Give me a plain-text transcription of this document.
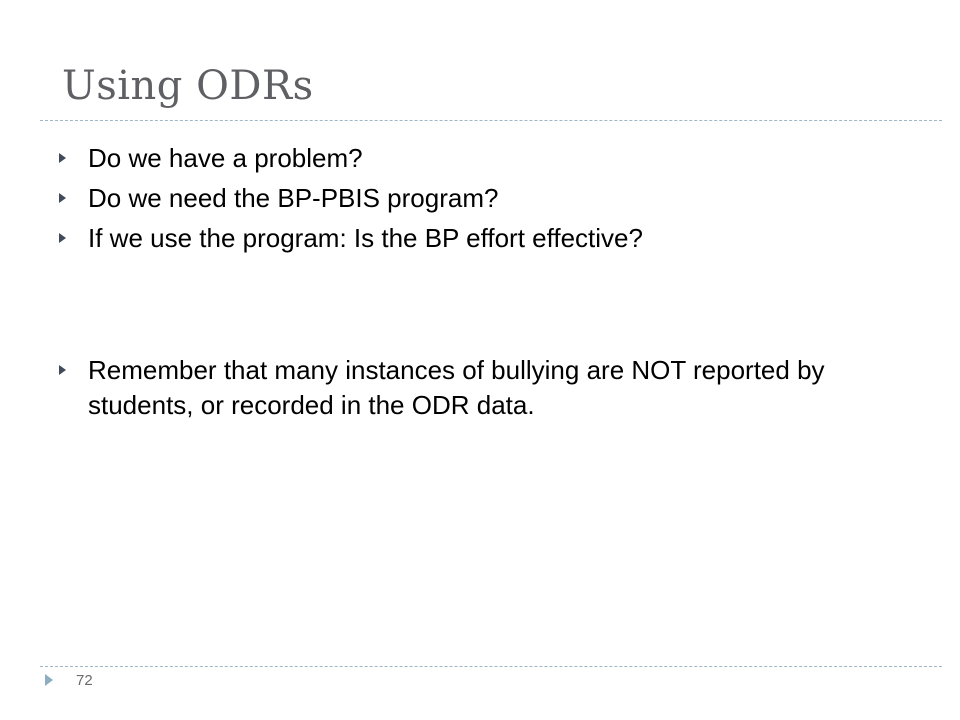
Using ODRs
Do we have a problem?
Do we need the BP-PBIS program?
If we use the program: Is the BP effort effective?
Remember that many instances of bullying are NOT reported by students, or recorded in the ODR data.
72
